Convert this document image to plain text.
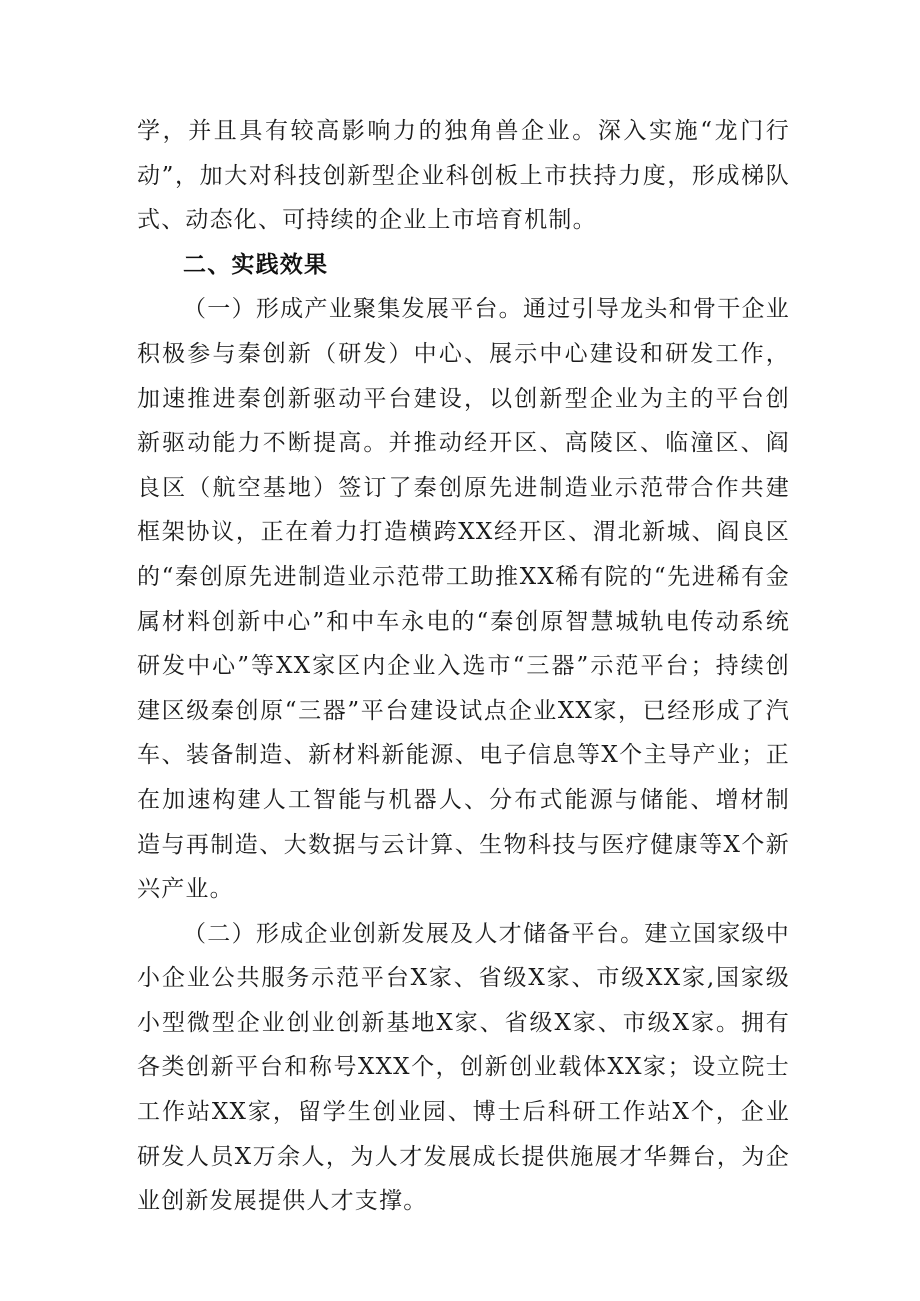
学，并且具有较高影响力的独角兽企业。深入实施“龙门行动”，加大对科技创新型企业科创板上市扶持力度，形成梯队式、动态化、可持续的企业上市培育机制。

二、实践效果

（一）形成产业聚集发展平台。通过引导龙头和骨干企业积极参与秦创新（研发）中心、展示中心建设和研发工作，加速推进秦创新驱动平台建设，以创新型企业为主的平台创新驱动能力不断提高。并推动经开区、高陵区、临潼区、阎良区（航空基地）签订了秦创原先进制造业示范带合作共建框架协议，正在着力打造横跨XX经开区、渭北新城、阎良区的“秦创原先进制造业示范带工助推XX稀有院的“先进稀有金属材料创新中心”和中车永电的“秦创原智慧城轨电传动系统研发中心”等XX家区内企业入选市“三器”示范平台；持续创建区级秦创原“三器”平台建设试点企业XX家，已经形成了汽车、装备制造、新材料新能源、电子信息等X个主导产业；正在加速构建人工智能与机器人、分布式能源与储能、增材制造与再制造、大数据与云计算、生物科技与医疗健康等X个新兴产业。

（二）形成企业创新发展及人才储备平台。建立国家级中小企业公共服务示范平台X家、省级X家、市级XX家,国家级小型微型企业创业创新基地X家、省级X家、市级X家。拥有各类创新平台和称号XXX个，创新创业载体XX家；设立院士工作站XX家，留学生创业园、博士后科研工作站X个，企业研发人员X万余人，为人才发展成长提供施展才华舞台，为企业创新发展提供人才支撑。
